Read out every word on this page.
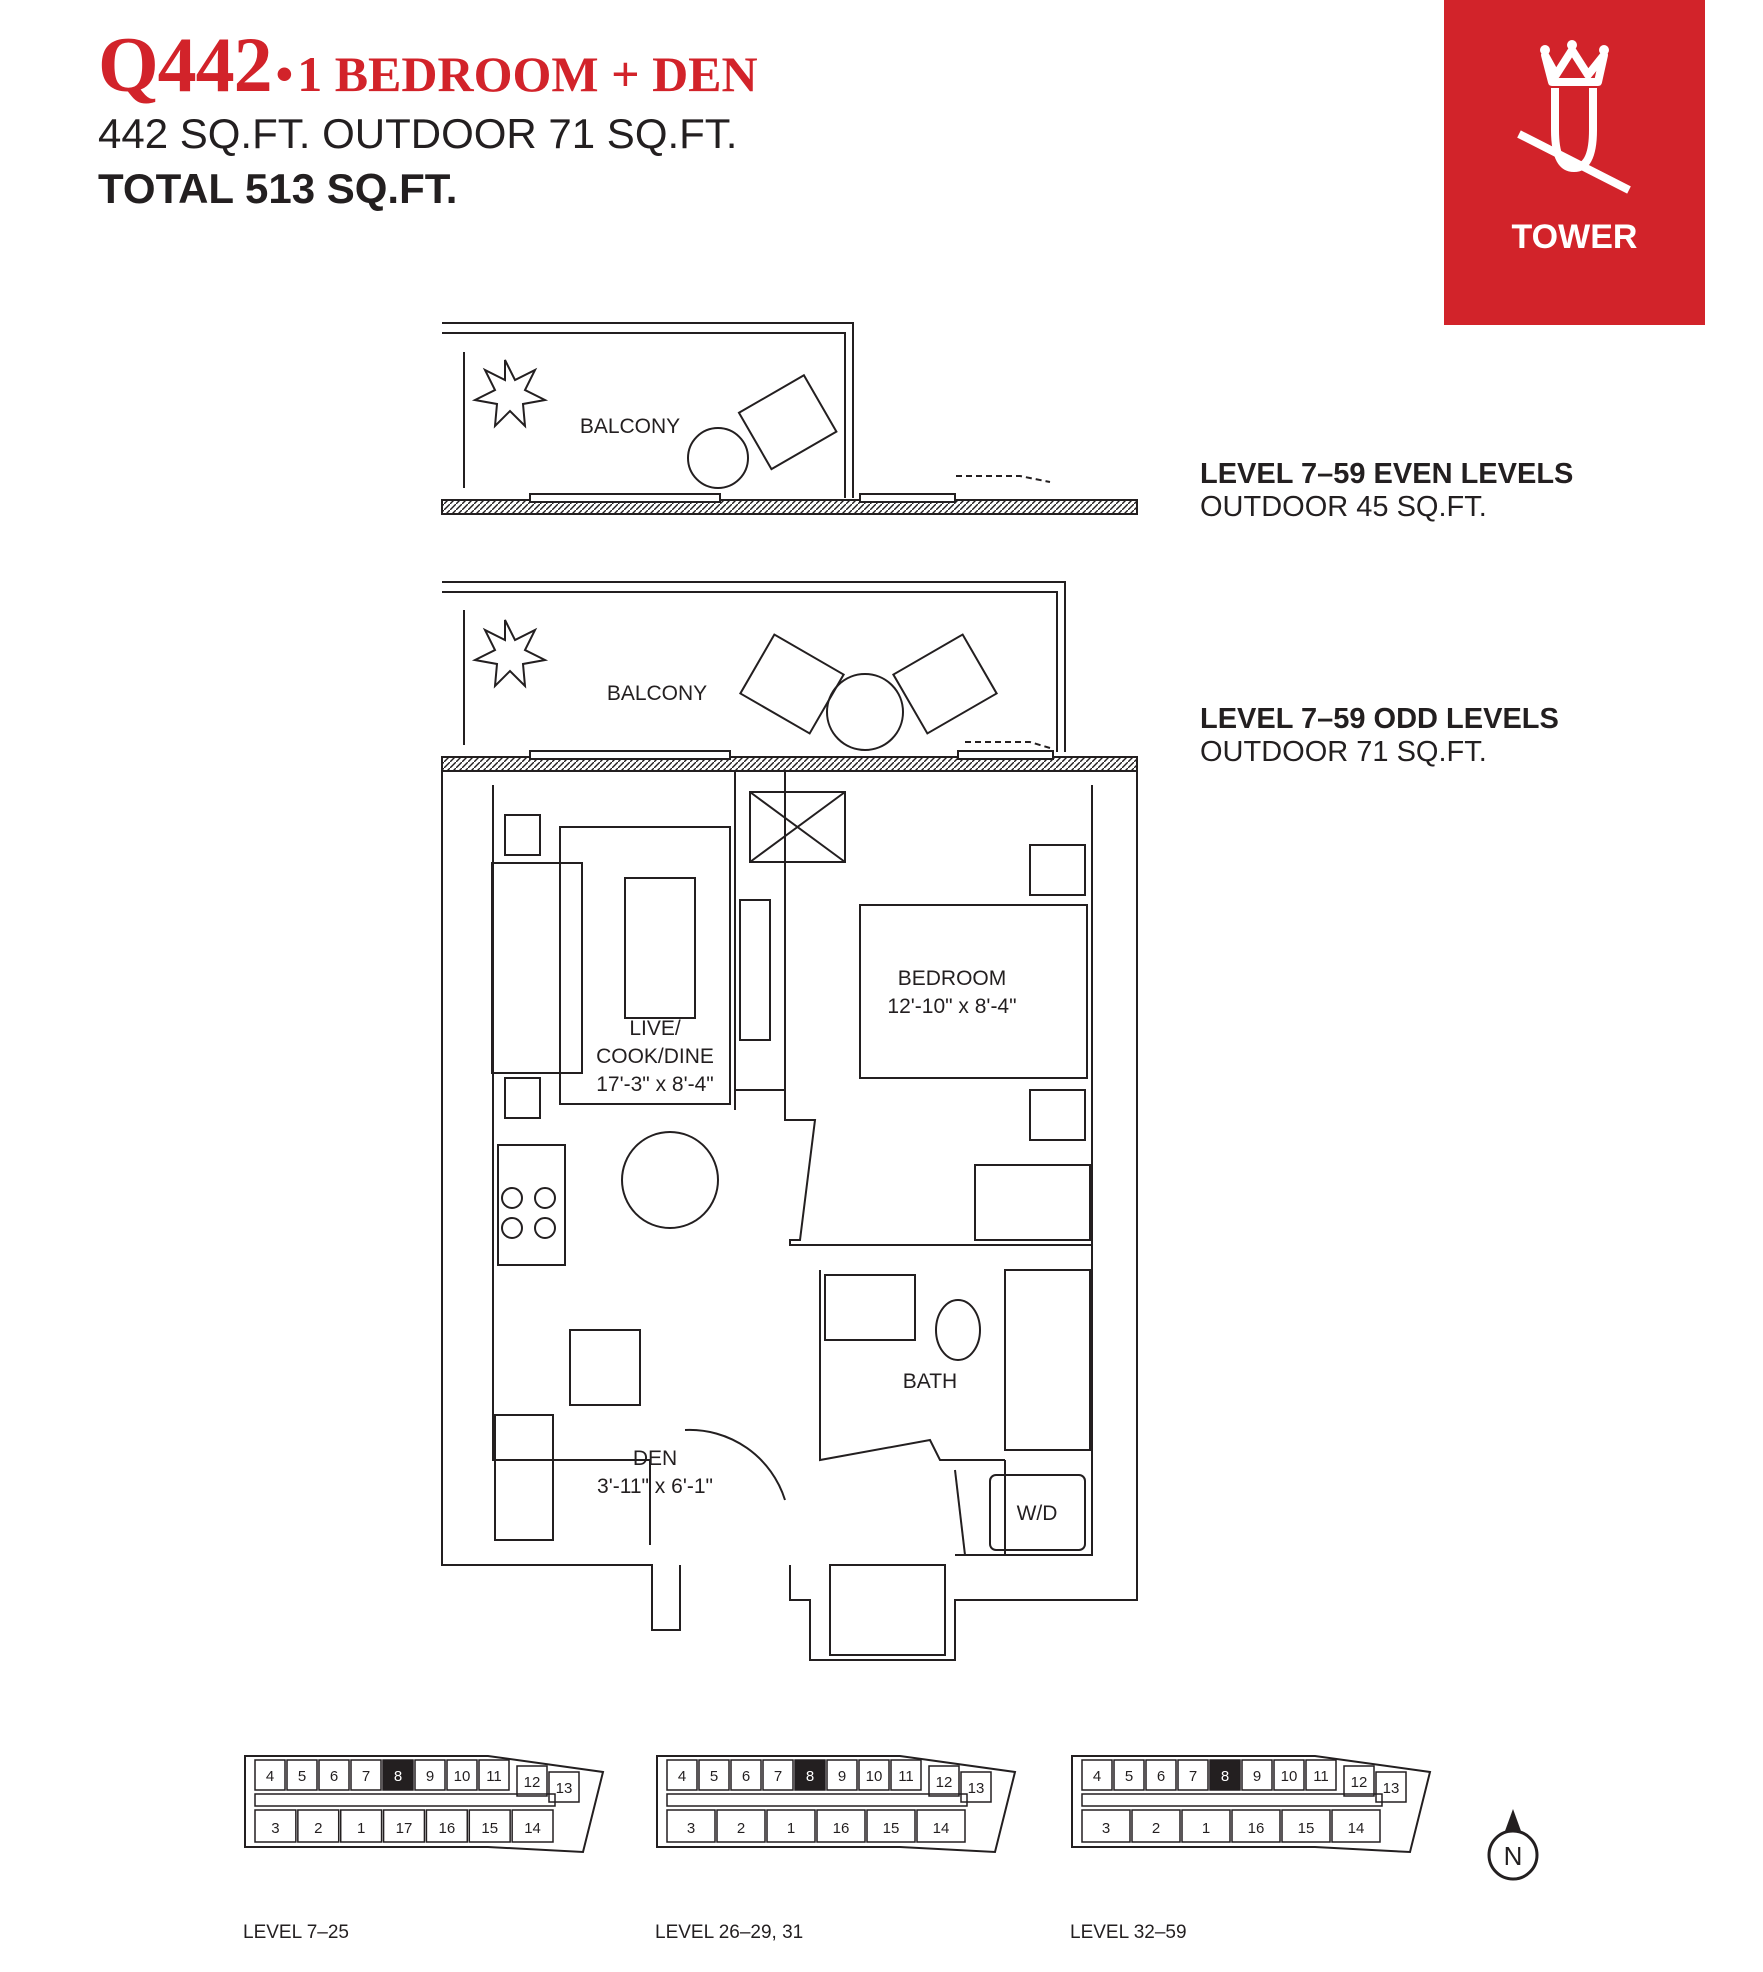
Q442 • 1 BEDROOM + DEN
442 SQ.FT. OUTDOOR 71 SQ.FT.
TOTAL 513 SQ.FT.
TOWER
LEVEL 7–59 EVEN LEVELS
OUTDOOR 45 SQ.FT.
LEVEL 7–59 ODD LEVELS
OUTDOOR 71 SQ.FT.
BALCONY
BALCONY
LIVE/
COOK/DINE
17'-3" x 8'-4"
BEDROOM
12'-10" x 8'-4"
BATH
DEN
3'-11" x 6'-1"
W/D
4 5 6 7 8 9 10 11 12 13
3 2 1 17 16 15 14
4 5 6 7 8 9 10 11 12 13
3	2	1 16 15 14
4 5 6 7 8 9 10 11 12 13
3	2	1 16 15 14
LEVEL 7–25	LEVEL 26–29, 31	LEVEL 32–59
N
